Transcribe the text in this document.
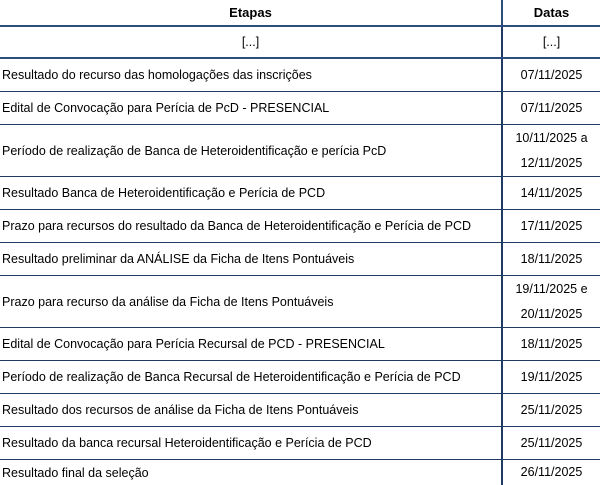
Etapas	Datas
[...]	[...]
Resultado do recurso das homologações das inscrições	07/11/2025

Edital de Convocação para Perícia de PcD - PRESENCIAL	07/11/2025

Período de realização de Banca de Heteroidentificação e perícia PcD	10/11/2025 a
12/11/2025

Resultado Banca de Heteroidentificação e Perícia de PCD	14/11/2025

Prazo para recursos do resultado da Banca de Heteroidentificação e Perícia de PCD	17/11/2025

Resultado preliminar da ANÁLISE da Ficha de Itens Pontuáveis	18/11/2025

Prazo para recurso da análise da Ficha de Itens Pontuáveis	19/11/2025 e
20/11/2025

Edital de Convocação para Perícia Recursal de PCD - PRESENCIAL	18/11/2025

Período de realização de Banca Recursal de Heteroidentificação e Perícia de PCD	19/11/2025

Resultado dos recursos de análise da Ficha de Itens Pontuáveis	25/11/2025

Resultado da banca recursal Heteroidentificação e Perícia de PCD	25/11/2025

Resultado final da seleção	26/11/2025
